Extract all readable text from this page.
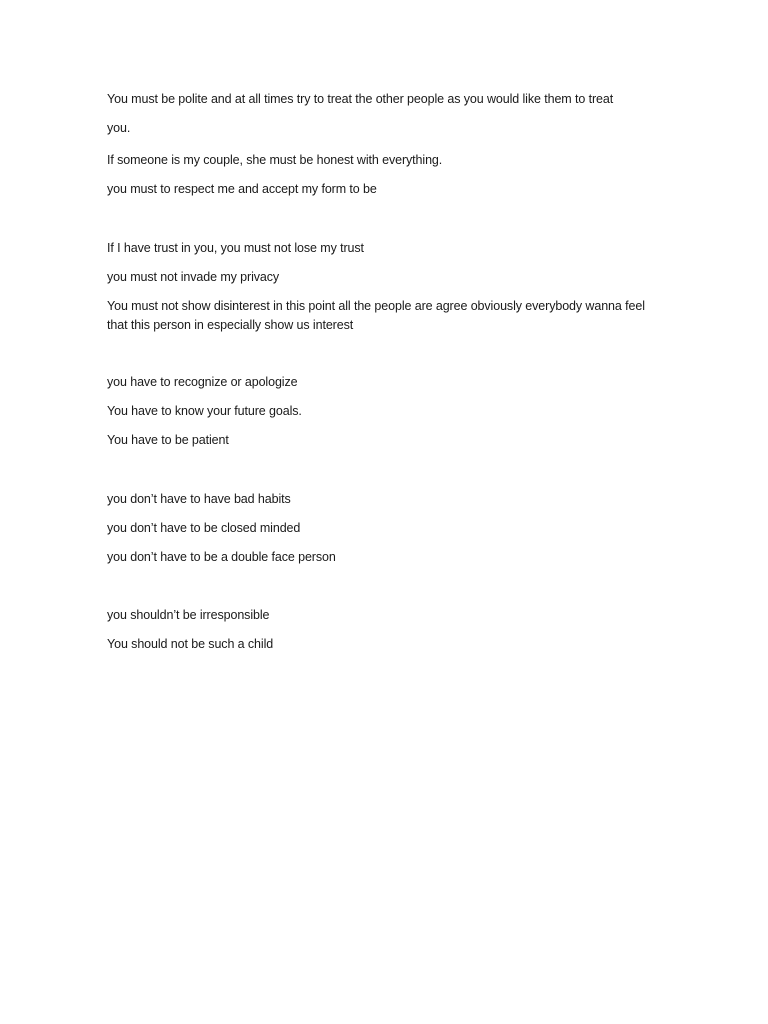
You must be polite and at all times try to treat the other people as you would like them to treat
you.
If someone is my couple, she must be honest with everything.
you must to respect me and accept my form to be
If I have trust in you, you must not lose my trust
you must not invade my privacy
You must not show disinterest in this point all the people are agree obviously everybody wanna feel that this person in especially show us interest
you have to recognize or apologize
You have to know your future goals.
You have to be patient
you don’t have to have bad habits
you don’t have to be closed minded
you don’t have to be a double face person
you shouldn’t be irresponsible
You should not be such a child
